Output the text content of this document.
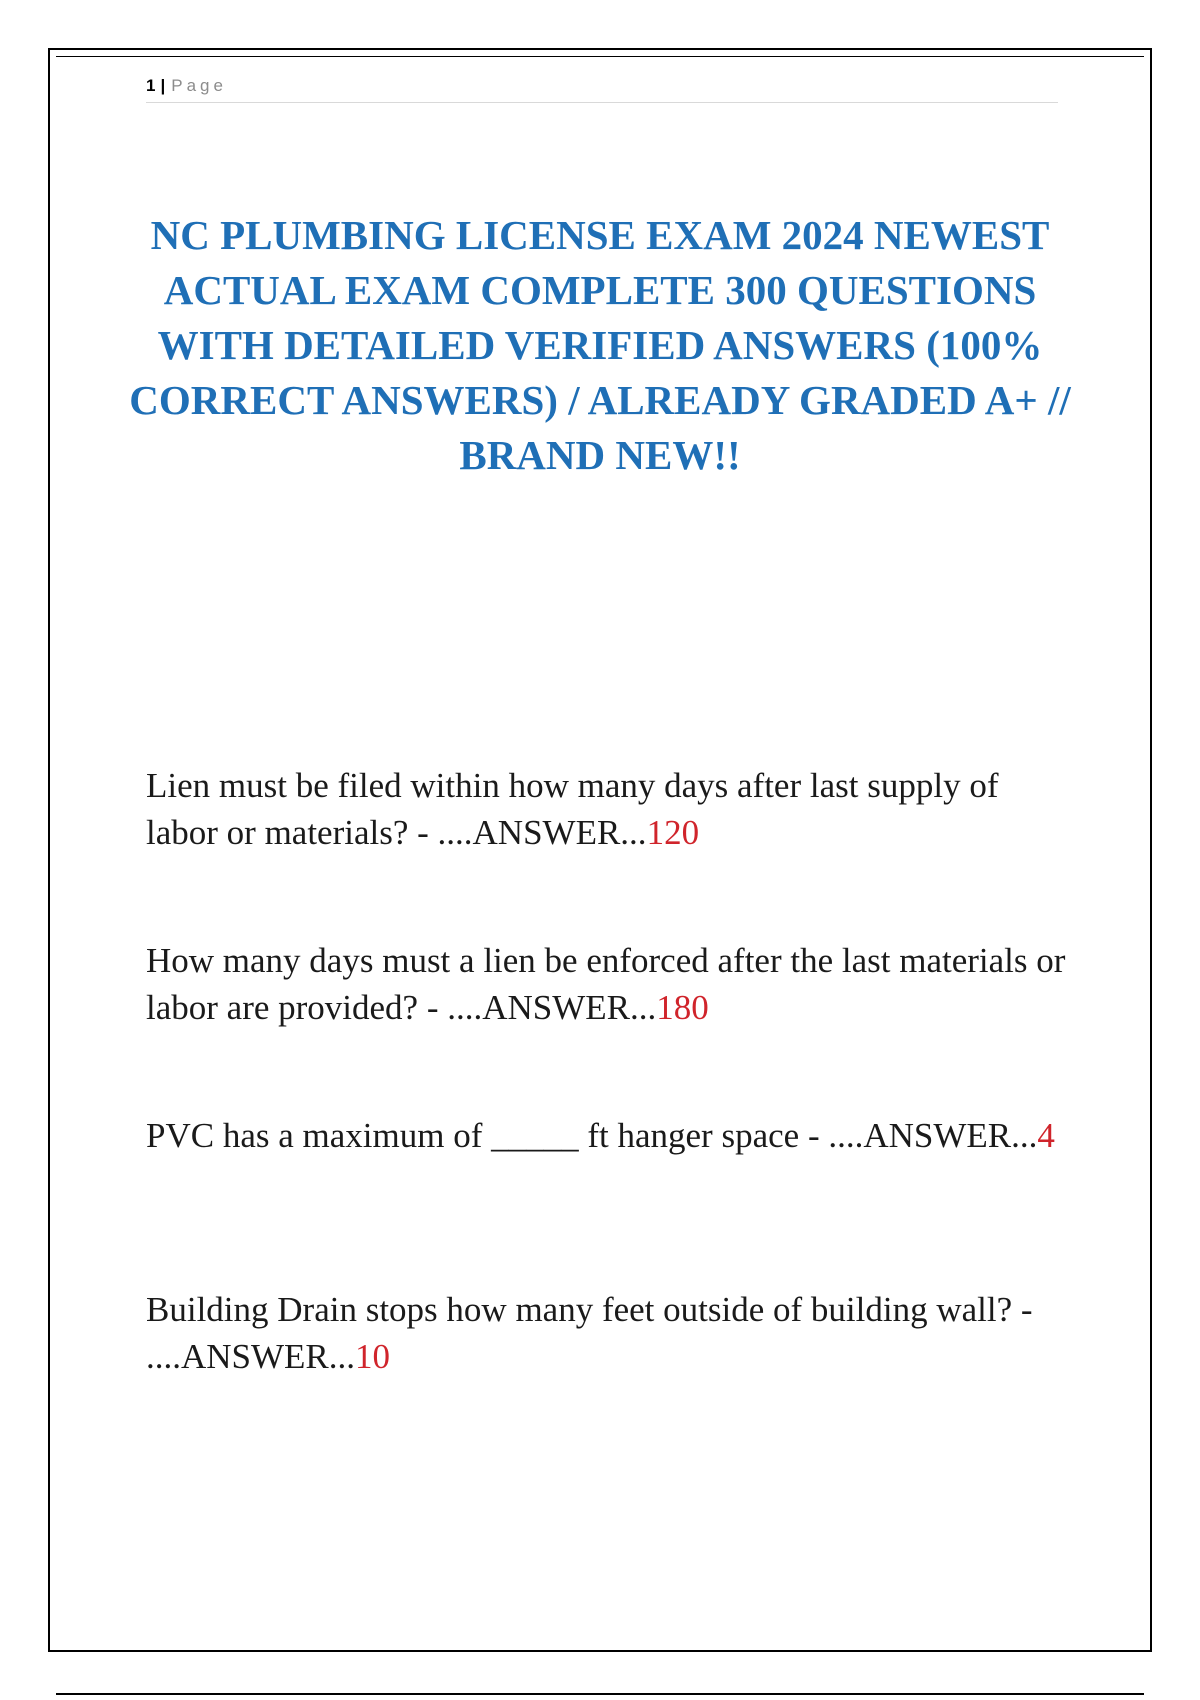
1 | Page
NC PLUMBING LICENSE EXAM 2024 NEWEST ACTUAL EXAM COMPLETE 300 QUESTIONS WITH DETAILED VERIFIED ANSWERS (100% CORRECT ANSWERS) / ALREADY GRADED A+ // BRAND NEW!!

Lien must be filed within how many days after last supply of labor or materials? - ....ANSWER...120

How many days must a lien be enforced after the last materials or labor are provided? - ....ANSWER...180

PVC has a maximum of _____ ft hanger space - ....ANSWER...4

Building Drain stops how many feet outside of building wall? - ....ANSWER...10
